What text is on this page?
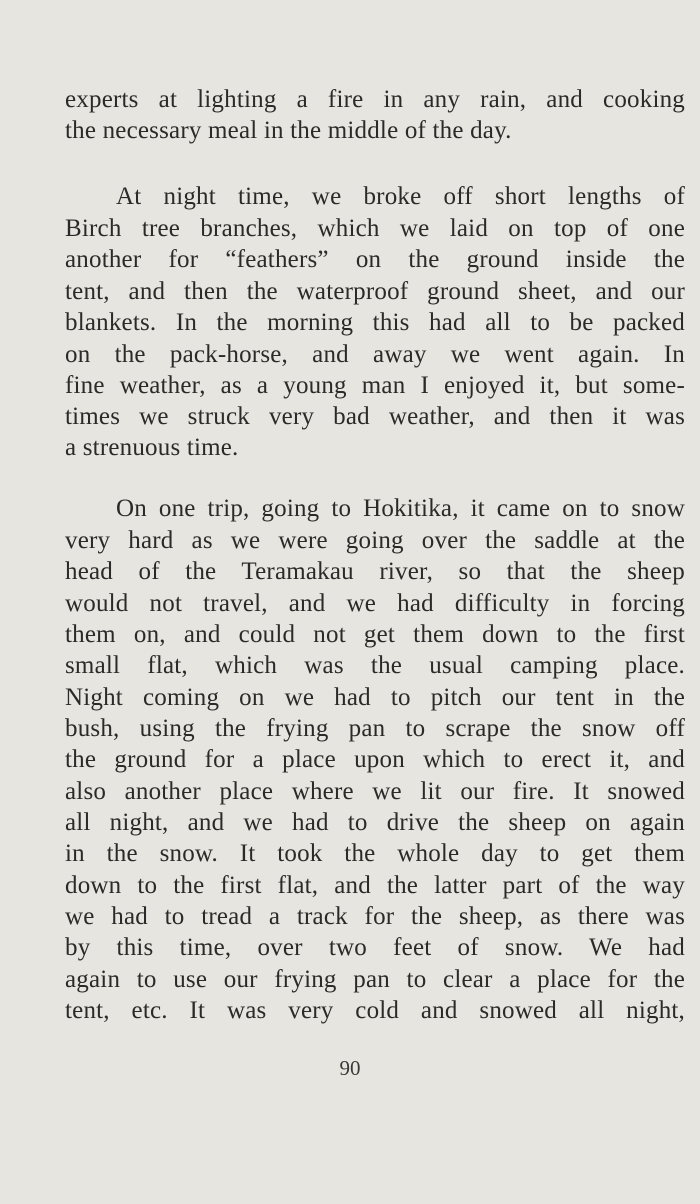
experts at lighting a fire in any rain, and cooking
the necessary meal in the middle of the day.
At night time, we broke off short lengths of
Birch tree branches, which we laid on top of one
another for “feathers” on the ground inside the
tent, and then the waterproof ground sheet, and our
blankets. In the morning this had all to be packed
on the pack-horse, and away we went again. In
fine weather, as a young man I enjoyed it, but some-
times we struck very bad weather, and then it was
a strenuous time.
On one trip, going to Hokitika, it came on to snow
very hard as we were going over the saddle at the
head of the Teramakau river, so that the sheep
would not travel, and we had difficulty in forcing
them on, and could not get them down to the first
small flat, which was the usual camping place.
Night coming on we had to pitch our tent in the
bush, using the frying pan to scrape the snow off
the ground for a place upon which to erect it, and
also another place where we lit our fire. It snowed
all night, and we had to drive the sheep on again
in the snow. It took the whole day to get them
down to the first flat, and the latter part of the way
we had to tread a track for the sheep, as there was
by this time, over two feet of snow. We had
again to use our frying pan to clear a place for the
tent, etc. It was very cold and snowed all night,
90
